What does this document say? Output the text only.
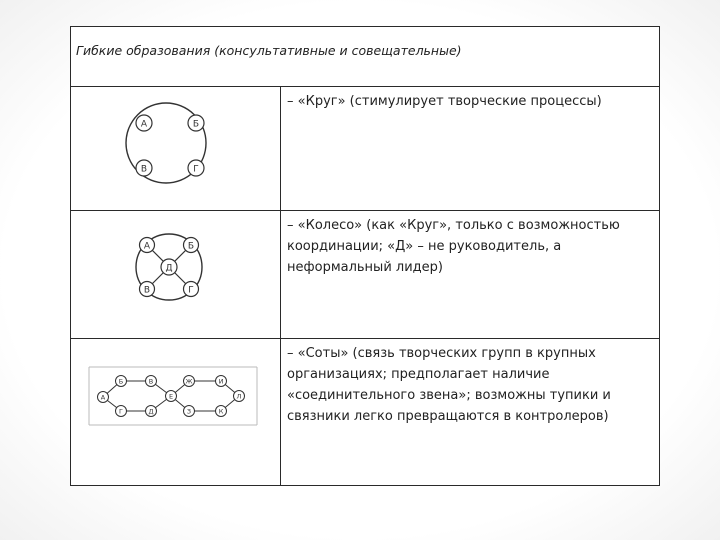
Гибкие образования (консультативные и совещательные)
А	Б
В	Г

– «Круг» (стимулирует творческие процессы)

А	Б
Д
В	Г

– «Колесо» (как «Круг», только с возможностью координации; «Д» – не руководитель, а неформальный лидер)

А
Б	В
Г	Д
Е
Ж
З
И
К
Л

– «Соты» (связь творческих групп в крупных организациях; предполагает наличие «соединительного звена»; возможны тупики и связники легко превращаются в контролеров)
